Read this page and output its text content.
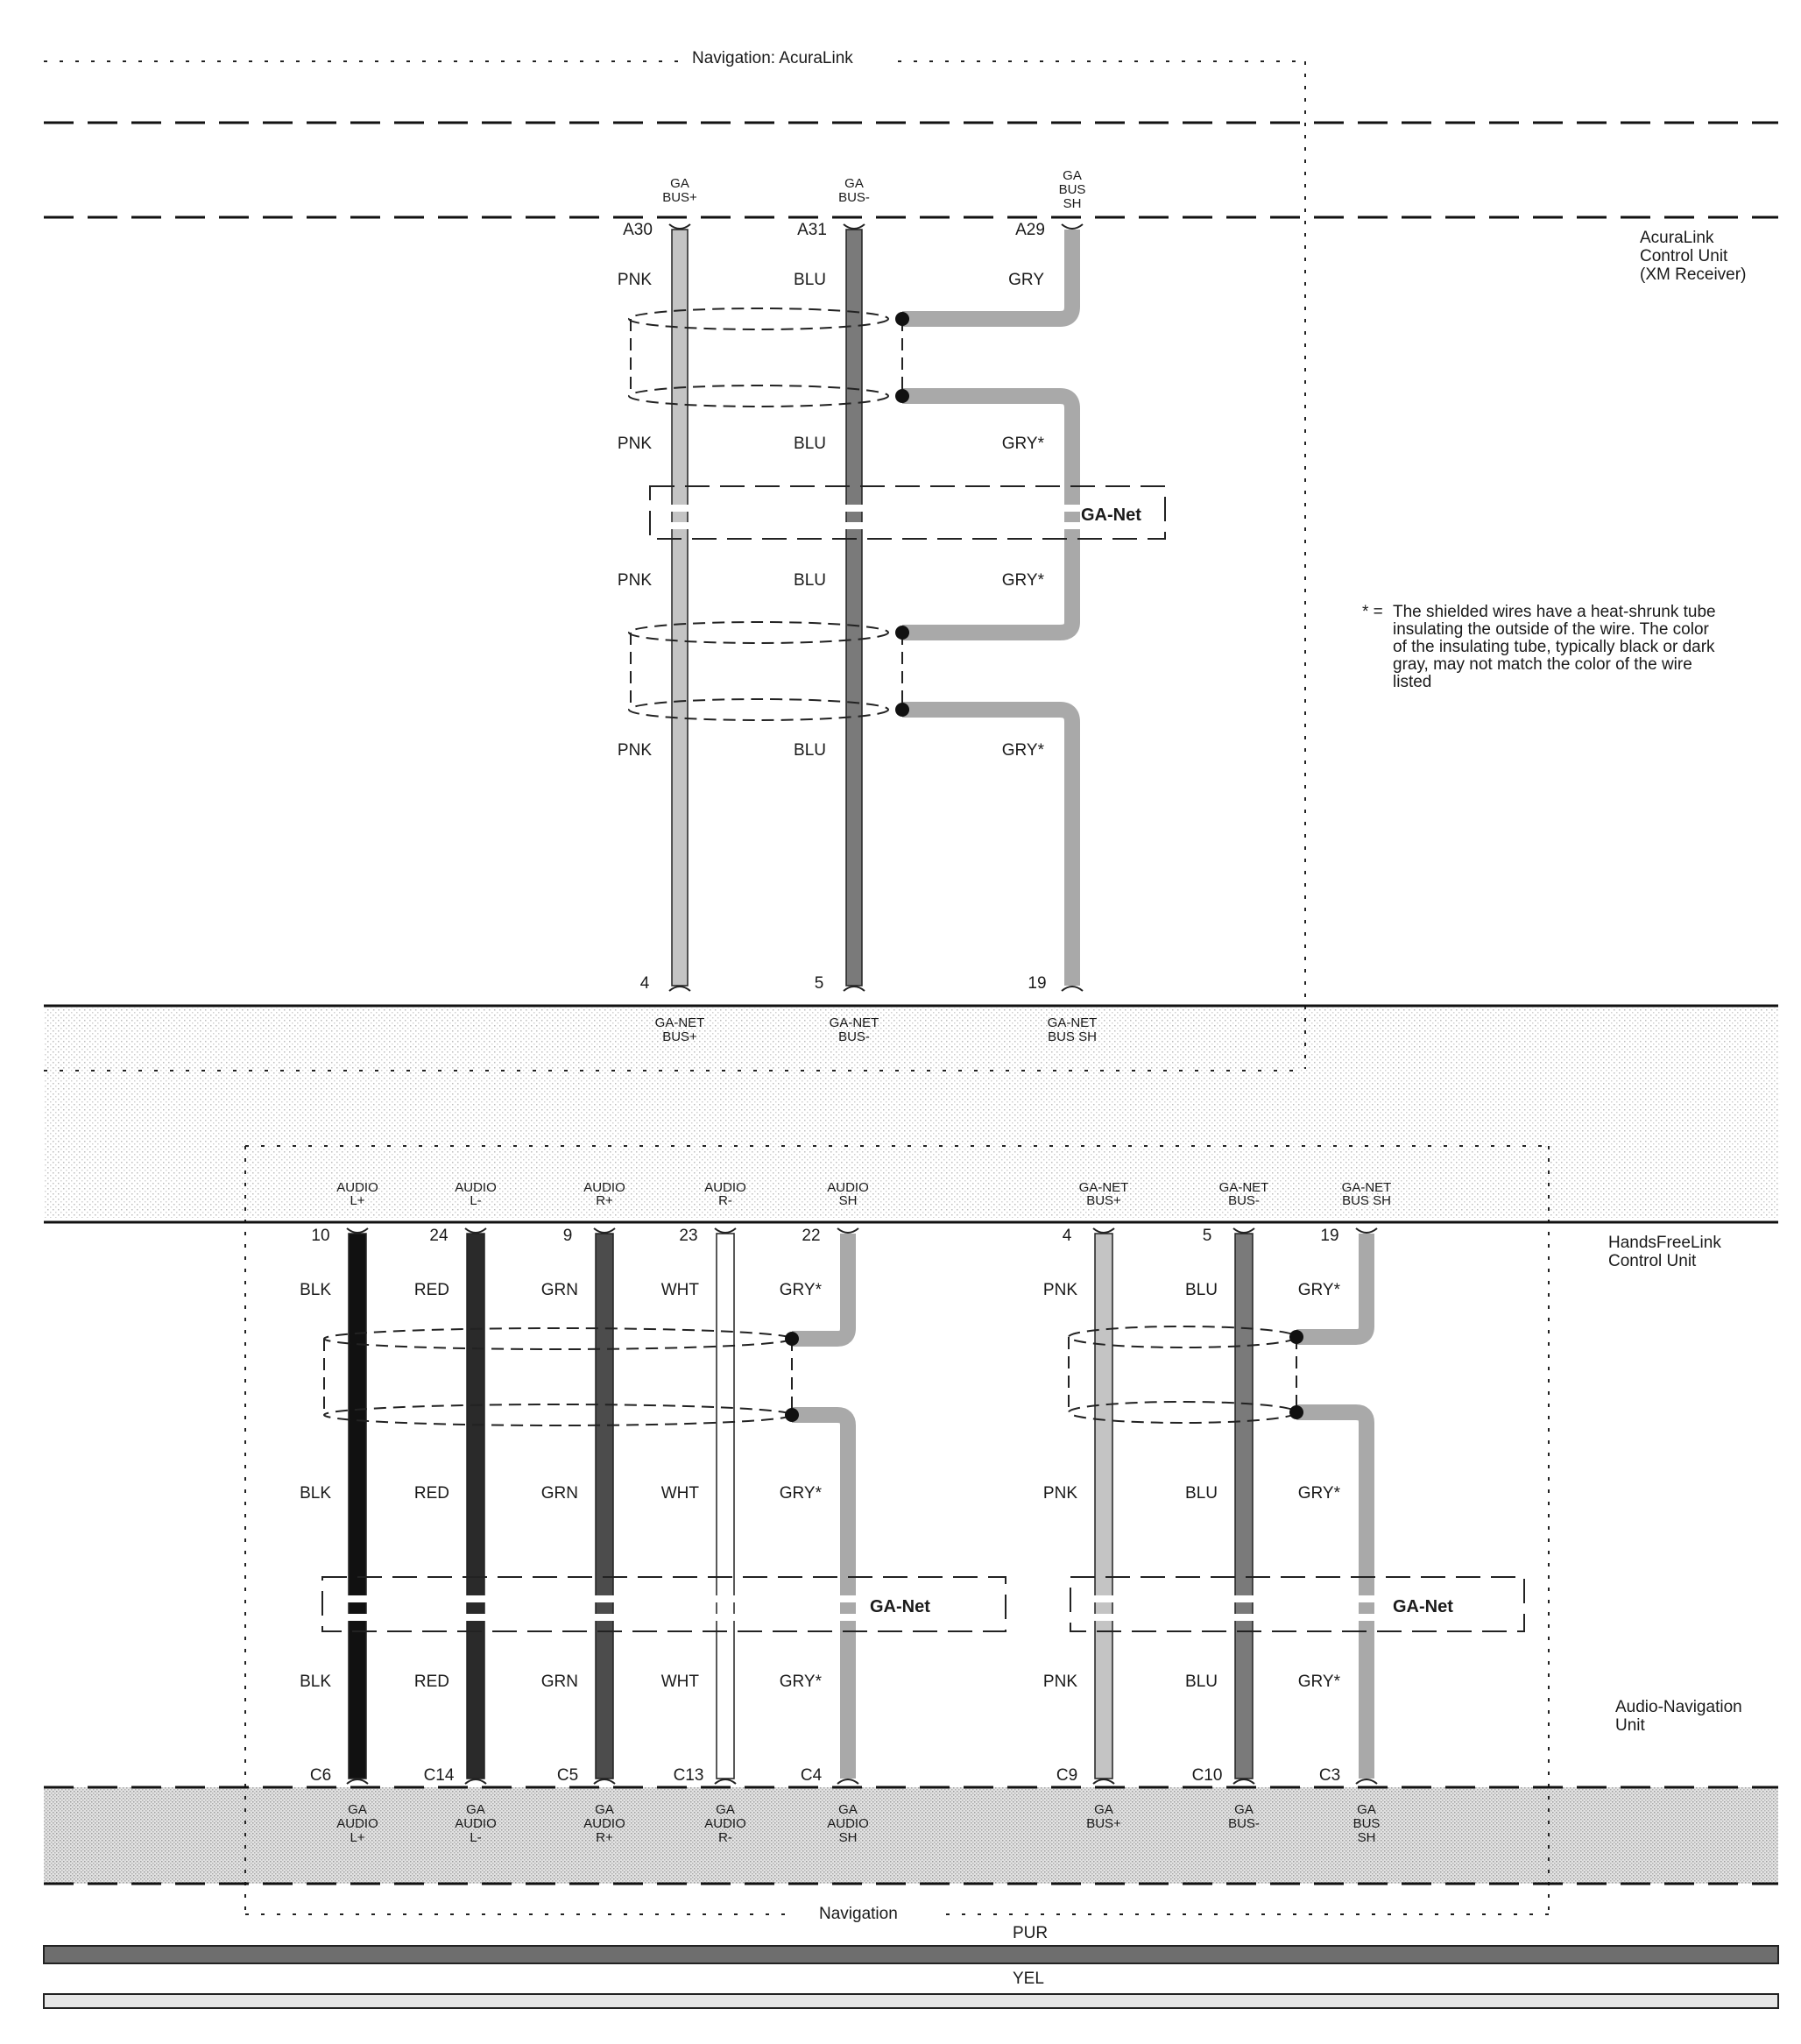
Navigation: AcuraLink
Navigation
AcuraLink
Control Unit
(XM Receiver)
HandsFreeLink
Control Unit
Audio-Navigation
Unit
* = The shielded wires have a heat-shrunk tube
insulating the outside of the wire. The color
of the insulating tube, typically black or dark
gray, may not match the color of the wire
listed
GA
BUS+
A30
PNK
PNK
PNK
PNK
4
GA-NET
BUS+
GA
BUS-
A31
BLU
BLU
BLU
BLU
5
GA-NET
BUS-
GA
BUS
SH
A29
GRY
GRY*
GRY*
GRY*
19
GA-NET
BUS SH
AUDIO
L+
10
BLK
BLK
BLK
C6
GA
AUDIO
L+
AUDIO
L-
24
RED
RED
RED
C14
GA
AUDIO
L-
AUDIO
R+
9
GRN
GRN
GRN
C5
GA
AUDIO
R+
AUDIO
R-
23
WHT
WHT
WHT
C13
GA
AUDIO
R-
AUDIO
SH
22
GRY*
GRY*
GRY*
C4
GA
AUDIO
SH
GA-NET
BUS+
4
PNK
PNK
PNK
C9
GA
BUS+
GA-NET
BUS-
5
BLU
BLU
BLU
C10
GA
BUS-
GA-NET
BUS SH
19
GRY*
GRY*
GRY*
C3
GA
BUS
SH
GA-Net
GA-Net	GA-Net
PUR
YEL
